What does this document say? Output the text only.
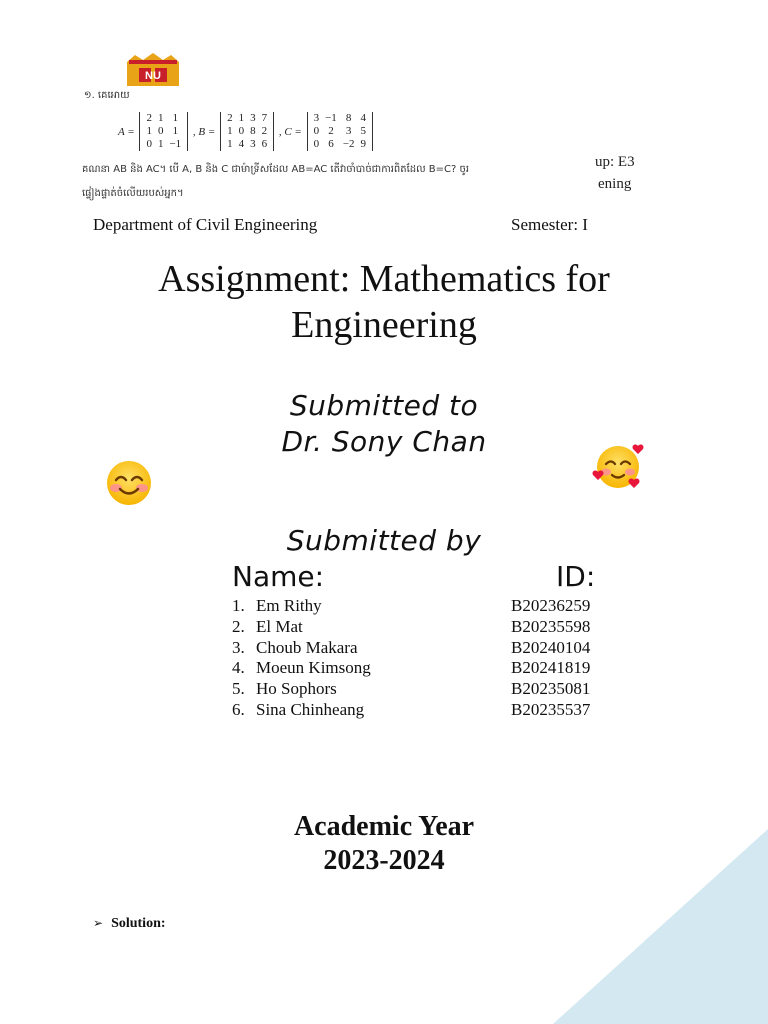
NU
១. គេអោយ
A =
2	1	1
1	0	1
0	1	−1
, B =
2	1	3	7
1	0	8	2
1	4	3	6
, C =
3	−1	8	4
0	2	3	5
0	6	−2	9
គណនា AB និង AC។ បើ A, B និង C ជាម៉ាទ្រីសដែល AB=AC តើវាចាំបាច់ជាការពិតដែល B=C? ចូរ
ផ្ទៀងផ្ទាត់ចំលើយរបស់អ្នក។
up: E3
ening
Department of Civil Engineering	Semester: I
Assignment: Mathematics for
Engineering
Submitted to
Dr. Sony Chan
Submitted by
Name:	ID:
1. Em Rithy	B20236259
2. El Mat	B20235598
3. Choub Makara	B20240104
4. Moeun Kimsong	B20241819
5. Ho Sophors	B20235081
6. Sina Chinheang	B20235537
Academic Year
2023-2024
➢ Solution:
